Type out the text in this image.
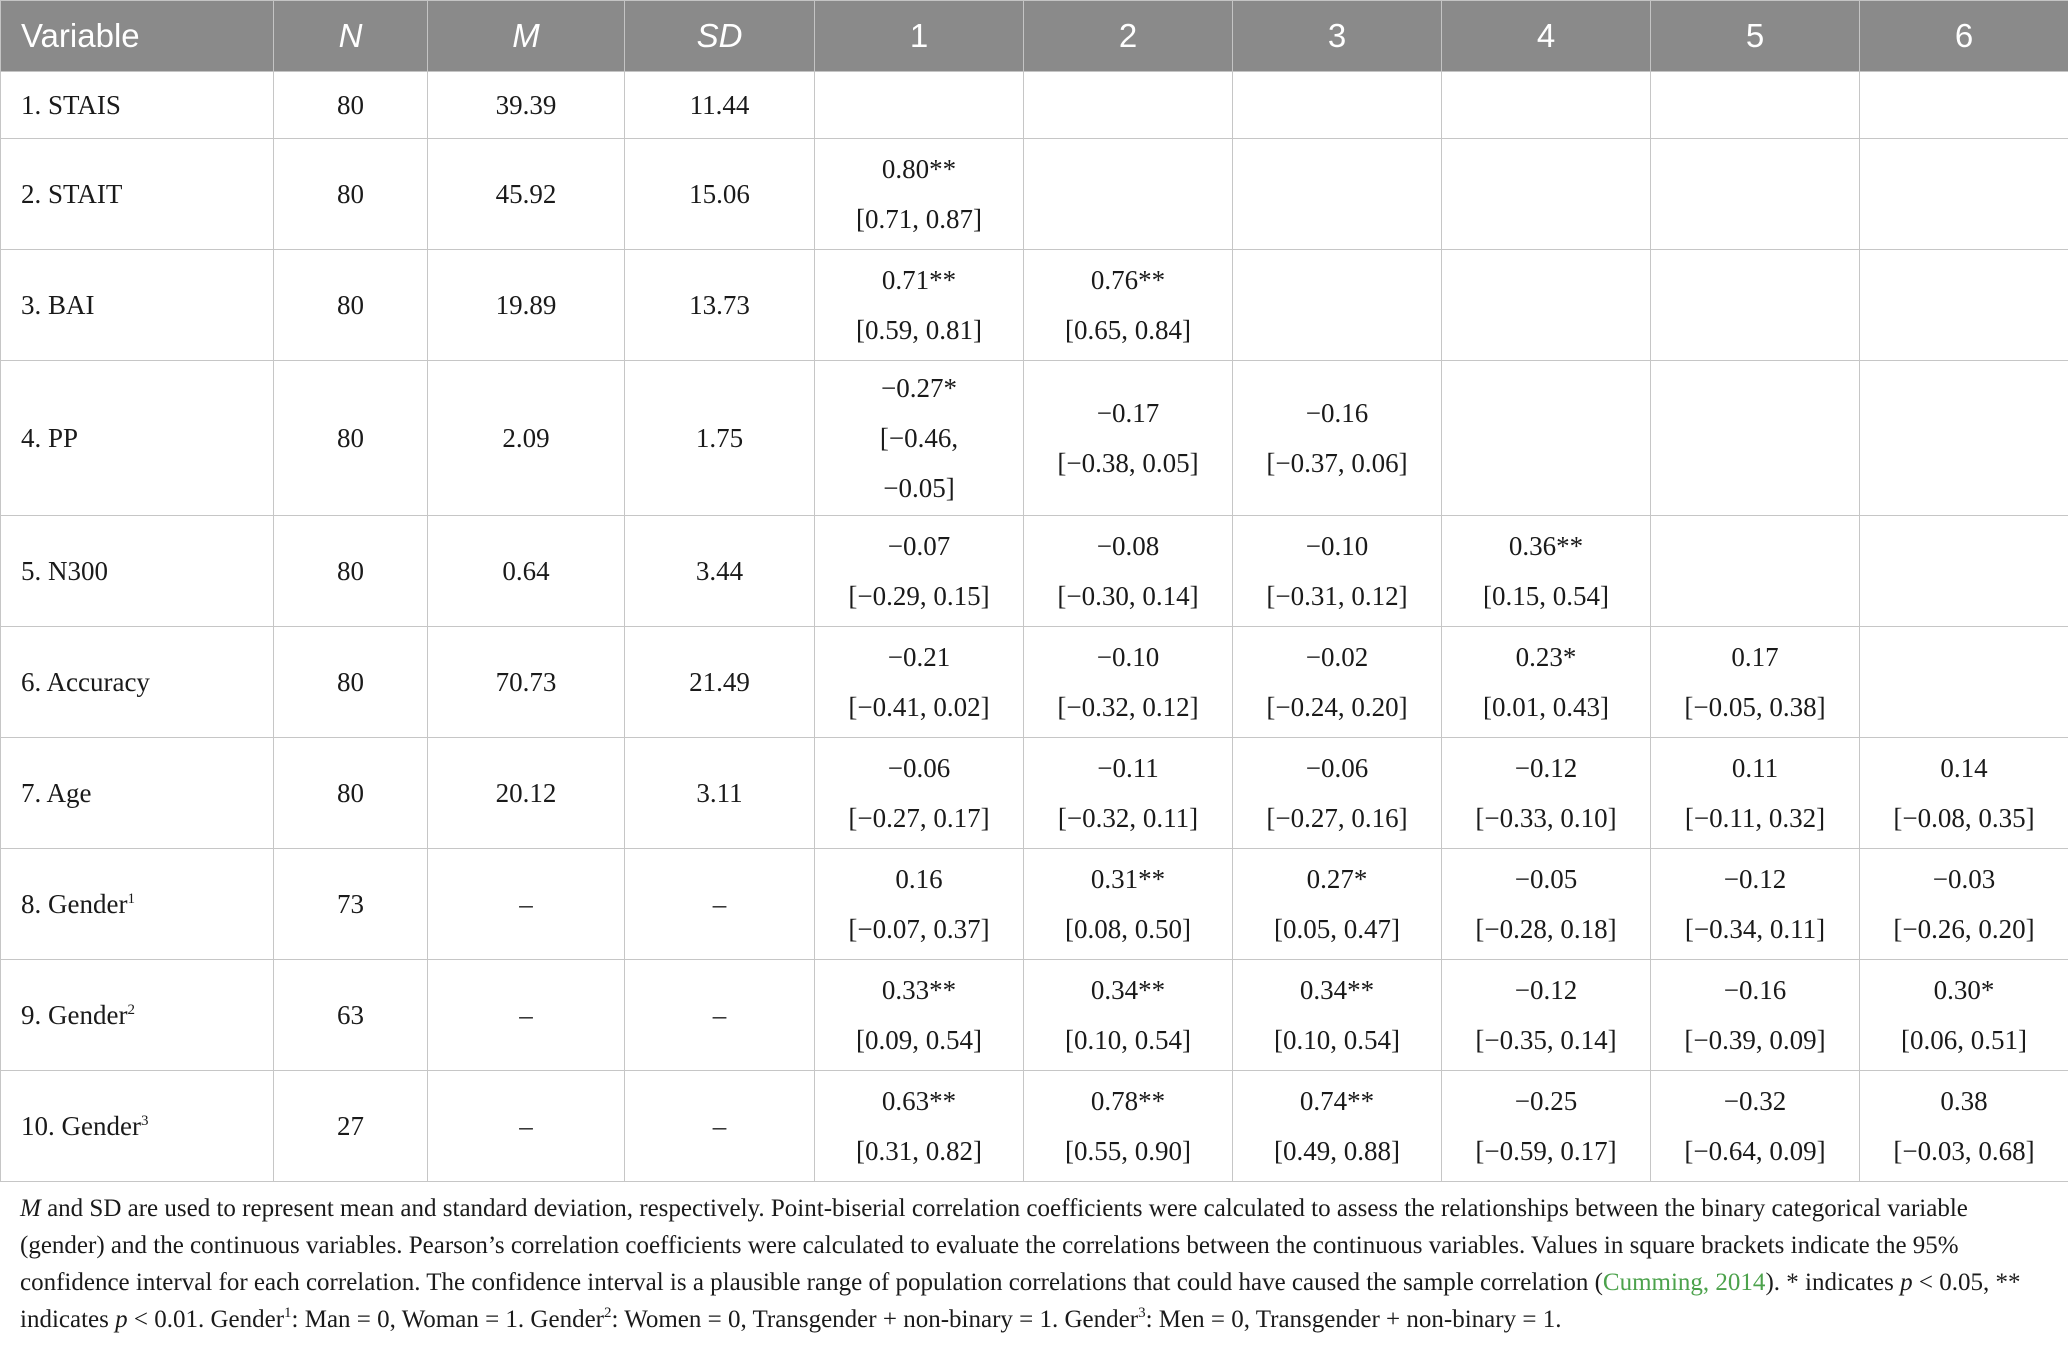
Variable	N	M	SD	1	2	3	4	5	6
1. STAIS	80	39.39	11.44						
2. STAIT	80	45.92	15.06	0.80**
[0.71, 0.87]					

3. BAI	80	19.89	13.73	0.71**
[0.59, 0.81]	0.76**
[0.65, 0.84]				

4. PP	80	2.09	1.75	−0.27*
[−0.46, −0.05]	−0.17
[−0.38, 0.05]	−0.16
[−0.37, 0.06]			

5. N300	80	0.64	3.44	−0.07
[−0.29, 0.15]	−0.08
[−0.30, 0.14]	−0.10
[−0.31, 0.12]	0.36**
[0.15, 0.54]		

6. Accuracy	80	70.73	21.49	−0.21
[−0.41, 0.02]	−0.10
[−0.32, 0.12]	−0.02
[−0.24, 0.20]	0.23*
[0.01, 0.43]	0.17
[−0.05, 0.38]	

7. Age	80	20.12	3.11	−0.06
[−0.27, 0.17]	−0.11
[−0.32, 0.11]	−0.06
[−0.27, 0.16]	−0.12
[−0.33, 0.10]	0.11
[−0.11, 0.32]	0.14
[−0.08, 0.35]

8. Gender$^1$	73	–	–	0.16
[−0.07, 0.37]	0.31**
[0.08, 0.50]	0.27*
[0.05, 0.47]	−0.05
[−0.28, 0.18]	−0.12
[−0.34, 0.11]	−0.03
[−0.26, 0.20]

9. Gender$^2$	63	–	–	0.33**
[0.09, 0.54]	0.34**
[0.10, 0.54]	0.34**
[0.10, 0.54]	−0.12
[−0.35, 0.14]	−0.16
[−0.39, 0.09]	0.30*
[0.06, 0.51]

10. Gender$^3$	27	–	–	0.63**
[0.31, 0.82]	0.78**
[0.55, 0.90]	0.74**
[0.49, 0.88]	−0.25
[−0.59, 0.17]	−0.32
[−0.64, 0.09]	0.38
[−0.03, 0.68]
M and SD are used to represent mean and standard deviation, respectively. Point-biserial correlation coefficients were calculated to assess the relationships between the binary categorical variable (gender) and the continuous variables. Pearson’s correlation coefficients were calculated to evaluate the correlations between the continuous variables. Values in square brackets indicate the 95% confidence interval for each correlation. The confidence interval is a plausible range of population correlations that could have caused the sample correlation (Cumming, 2014). * indicates p < 0.05, ** indicates p < 0.01. Gender$^1$: Man = 0, Woman = 1. Gender$^2$: Women = 0, Transgender + non-binary = 1. Gender$^3$: Men = 0, Transgender + non-binary = 1.
